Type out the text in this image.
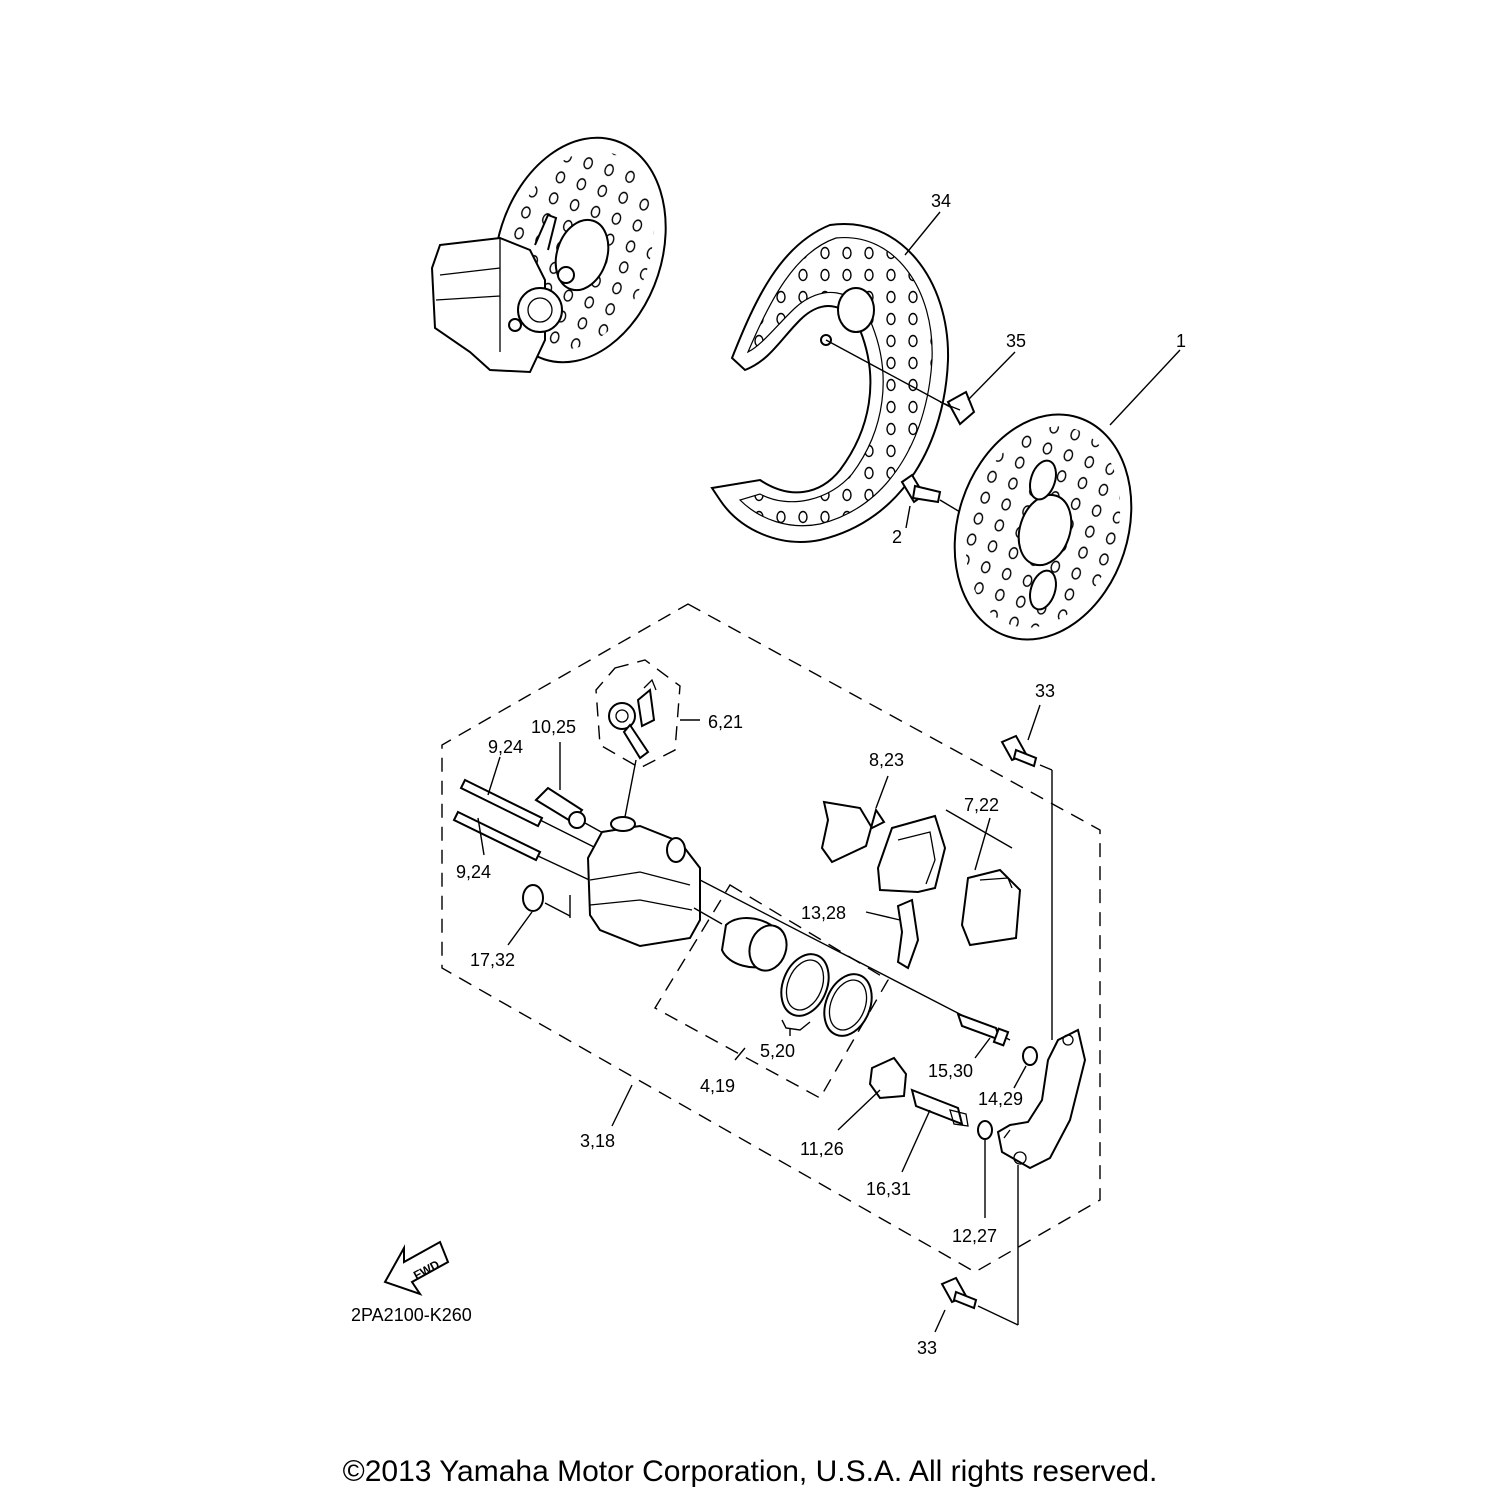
FWD
34
35	1
2
33
6,21
10,25
9,24
8,23
7,22
9,24
13,28
17,32
5,20
15,30
4,19
14,29
3,18	11,26
16,31
12,27
33
2PA2100-K260
©2013 Yamaha Motor Corporation, U.S.A. All rights reserved.
